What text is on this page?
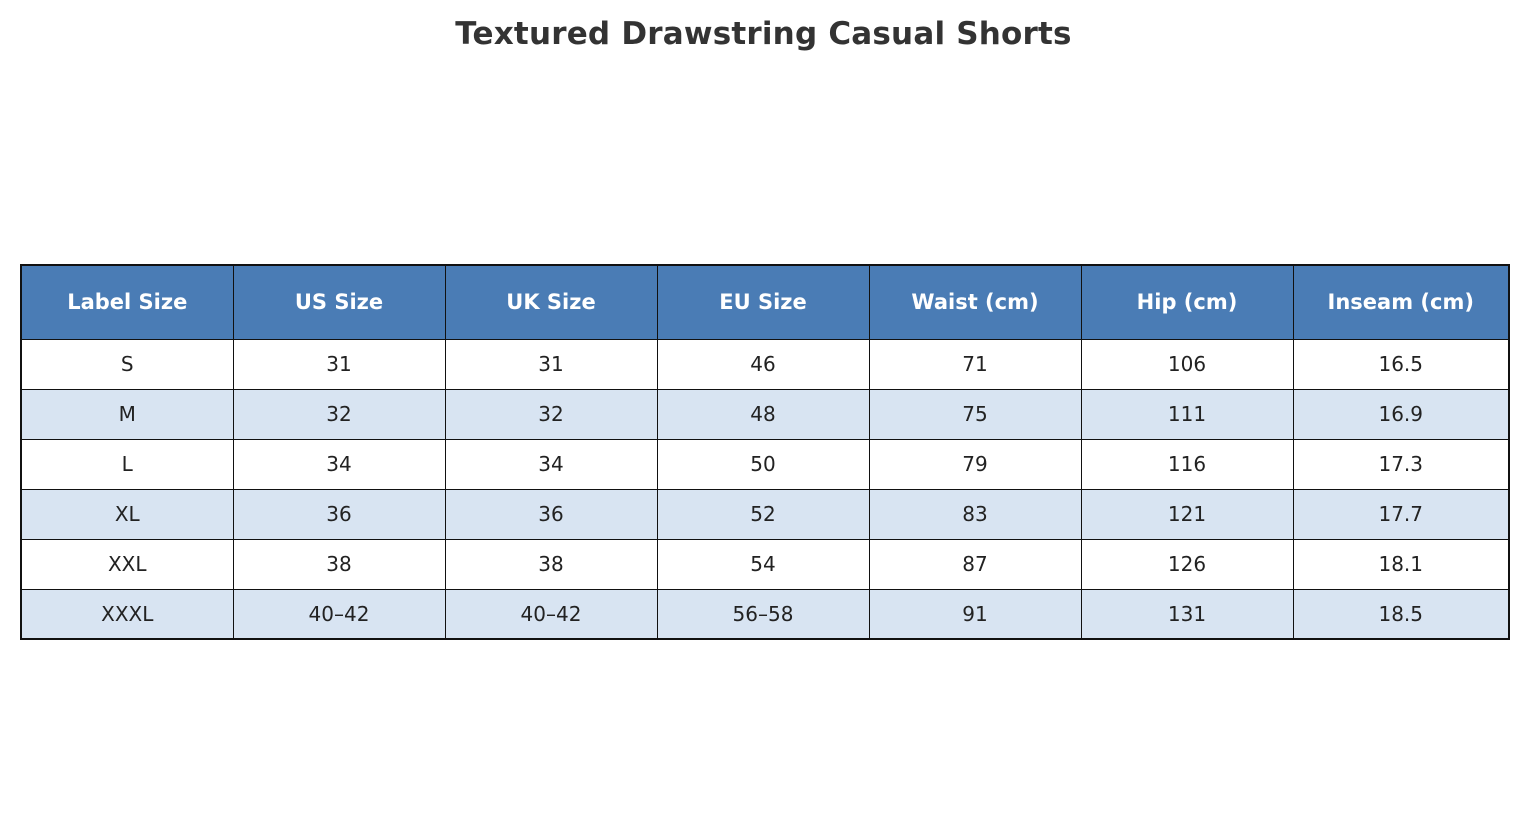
Textured Drawstring Casual Shorts
Label Size	US Size	UK Size	EU Size	Waist (cm)	Hip (cm)	Inseam (cm)
S	31	31	46	71	106	16.5
M	32	32	48	75	111	16.9
L	34	34	50	79	116	17.3
XL	36	36	52	83	121	17.7
XXL	38	38	54	87	126	18.1
XXXL	40–42	40–42	56–58	91	131	18.5
